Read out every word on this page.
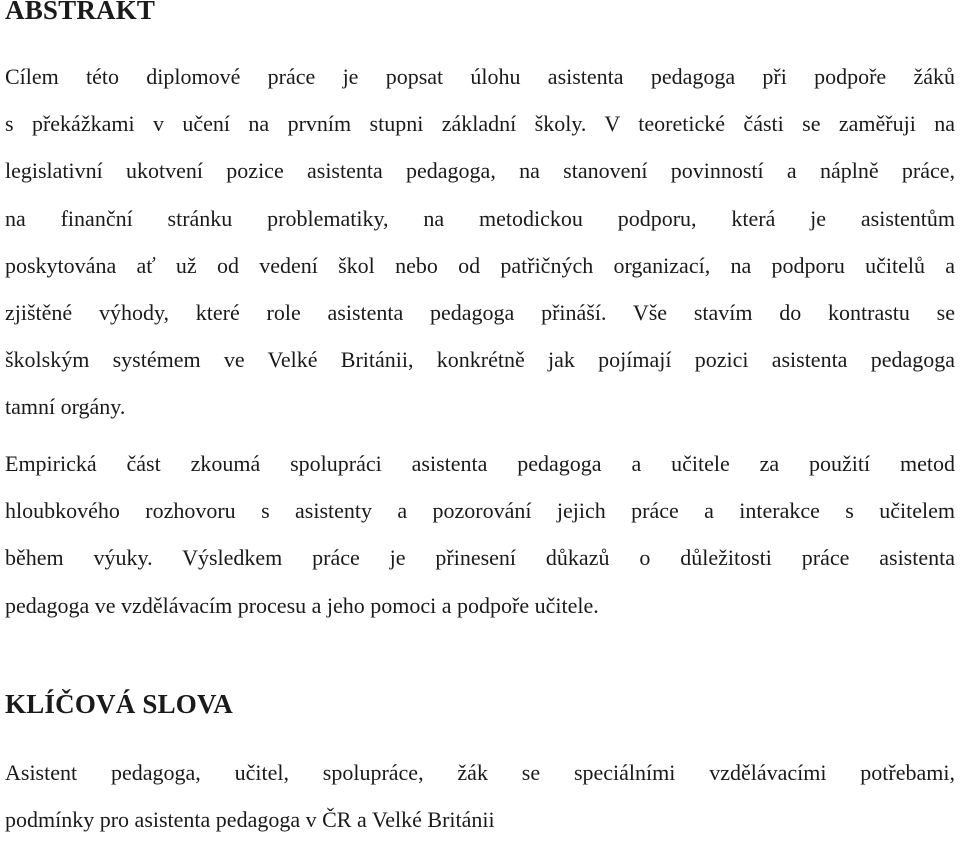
ABSTRAKT

Cílem této diplomové práce je popsat úlohu asistenta pedagoga při podpoře žáků
s překážkami v učení na prvním stupni základní školy. V teoretické části se zaměřuji na
legislativní ukotvení pozice asistenta pedagoga, na stanovení povinností a náplně práce,
na finanční stránku problematiky, na metodickou podporu, která je asistentům
poskytována ať už od vedení škol nebo od patřičných organizací, na podporu učitelů a
zjištěné výhody, které role asistenta pedagoga přináší. Vše stavím do kontrastu se
školským systémem ve Velké Británii, konkrétně jak pojímají pozici asistenta pedagoga
tamní orgány.

Empirická část zkoumá spolupráci asistenta pedagoga a učitele za použití metod
hloubkového rozhovoru s asistenty a pozorování jejich práce a interakce s učitelem
během výuky. Výsledkem práce je přinesení důkazů o důležitosti práce asistenta
pedagoga ve vzdělávacím procesu a jeho pomoci a podpoře učitele.

KLÍČOVÁ SLOVA

Asistent pedagoga, učitel, spolupráce, žák se speciálními vzdělávacími potřebami,
podmínky pro asistenta pedagoga v ČR a Velké Británii
